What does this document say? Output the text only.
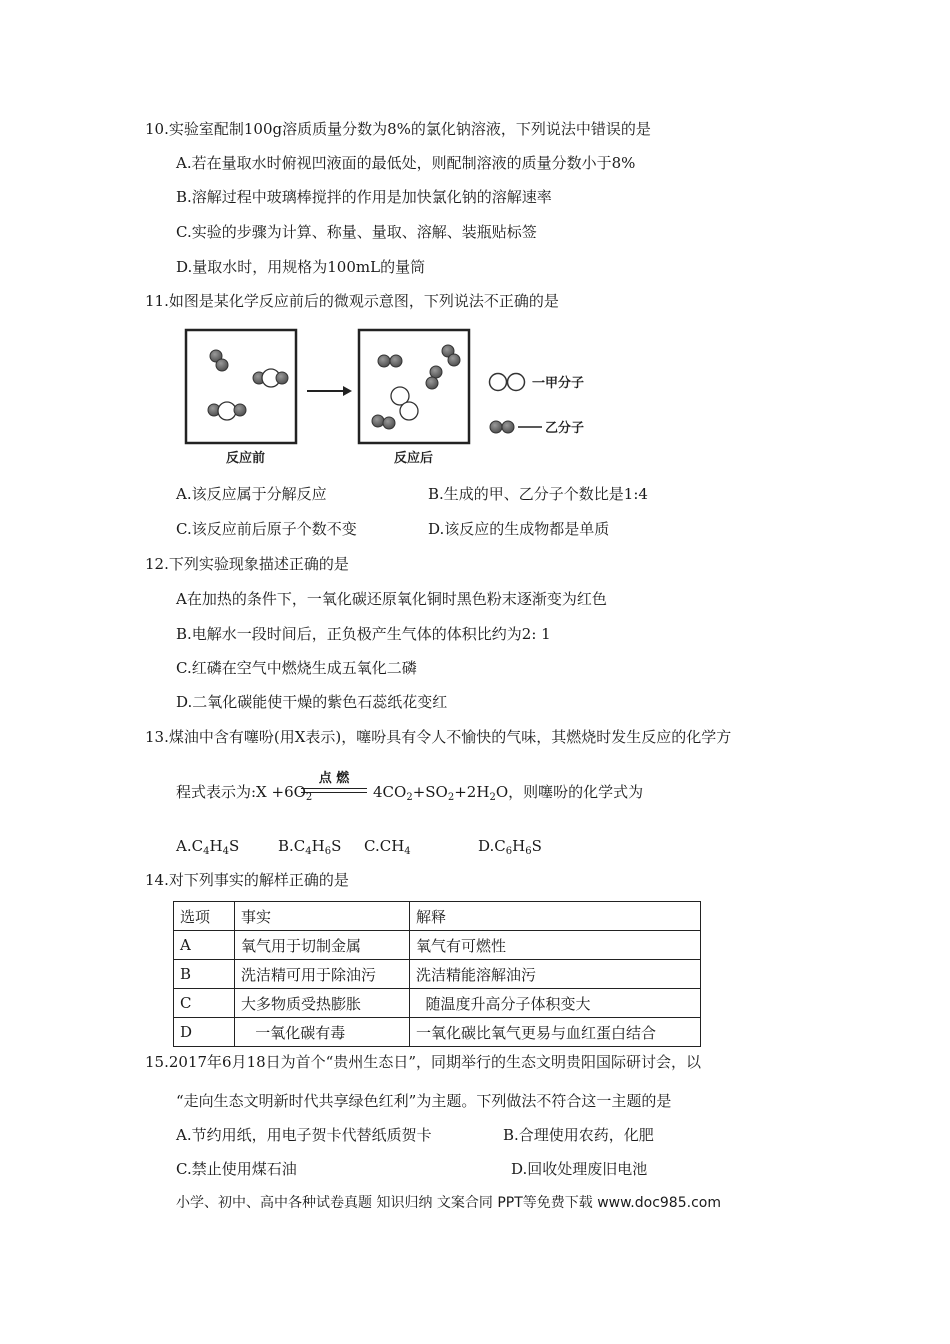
10.实验室配制100g溶质质量分数为8%的氯化钠溶液，下列说法中错误的是
A.若在量取水时俯视凹液面的最低处，则配制溶液的质量分数小于8%
B.溶解过程中玻璃棒搅拌的作用是加快氯化钠的溶解速率
C.实验的步骤为计算、称量、量取、溶解、装瓶贴标签
D.量取水时，用规格为100mL的量筒
11.如图是某化学反应前后的微观示意图，下列说法不正确的是
反应前	反应后
一甲分子
乙分子
A.该反应属于分解反应	B.生成的甲、乙分子个数比是1:4
C.该反应前后原子个数不变	D.该反应的生成物都是单质
12.下列实验现象描述正确的是
A在加热的条件下，一氧化碳还原氧化铜时黑色粉末逐渐变为红色
B.电解水一段时间后，正负极产生气体的体积比约为2: 1
C.红磷在空气中燃烧生成五氧化二磷
D.二氧化碳能使干燥的紫色石蕊纸花变红
13.煤油中含有噻吩(用X表示)，噻吩具有令人不愉快的气味，其燃烧时发生反应的化学方
点 燃
程式表示为:X $+6O_2$	$4CO_2+SO_2+2H_2O$，则噻吩的化学式为
$A.C_4H_4S$	$B.C_4H_6S$ $C.CH_4$	$D.C_6H_6S$
14.对下列事实的解样正确的是
选项	事实	解释
A	氧气用于切制金属	氧气有可燃性
B	洗洁精可用于除油污	洗洁精能溶解油污
C	大多物质受热膨胀	随温度升高分子体积变大
D	一氧化碳有毒	一氧化碳比氧气更易与血红蛋白结合
15.2017年6月18日为首个“贵州生态日”，同期举行的生态文明贵阳国际研讨会，以
“走向生态文明新时代共享绿色红利”为主题。下列做法不符合这一主题的是
A.节约用纸，用电子贺卡代替纸质贺卡	B.合理使用农药，化肥
C.禁止使用煤石油	D.回收处理废旧电池
小学、初中、高中各种试卷真题 知识归纳 文案合同 PPT等免费下载 www.doc985.com
